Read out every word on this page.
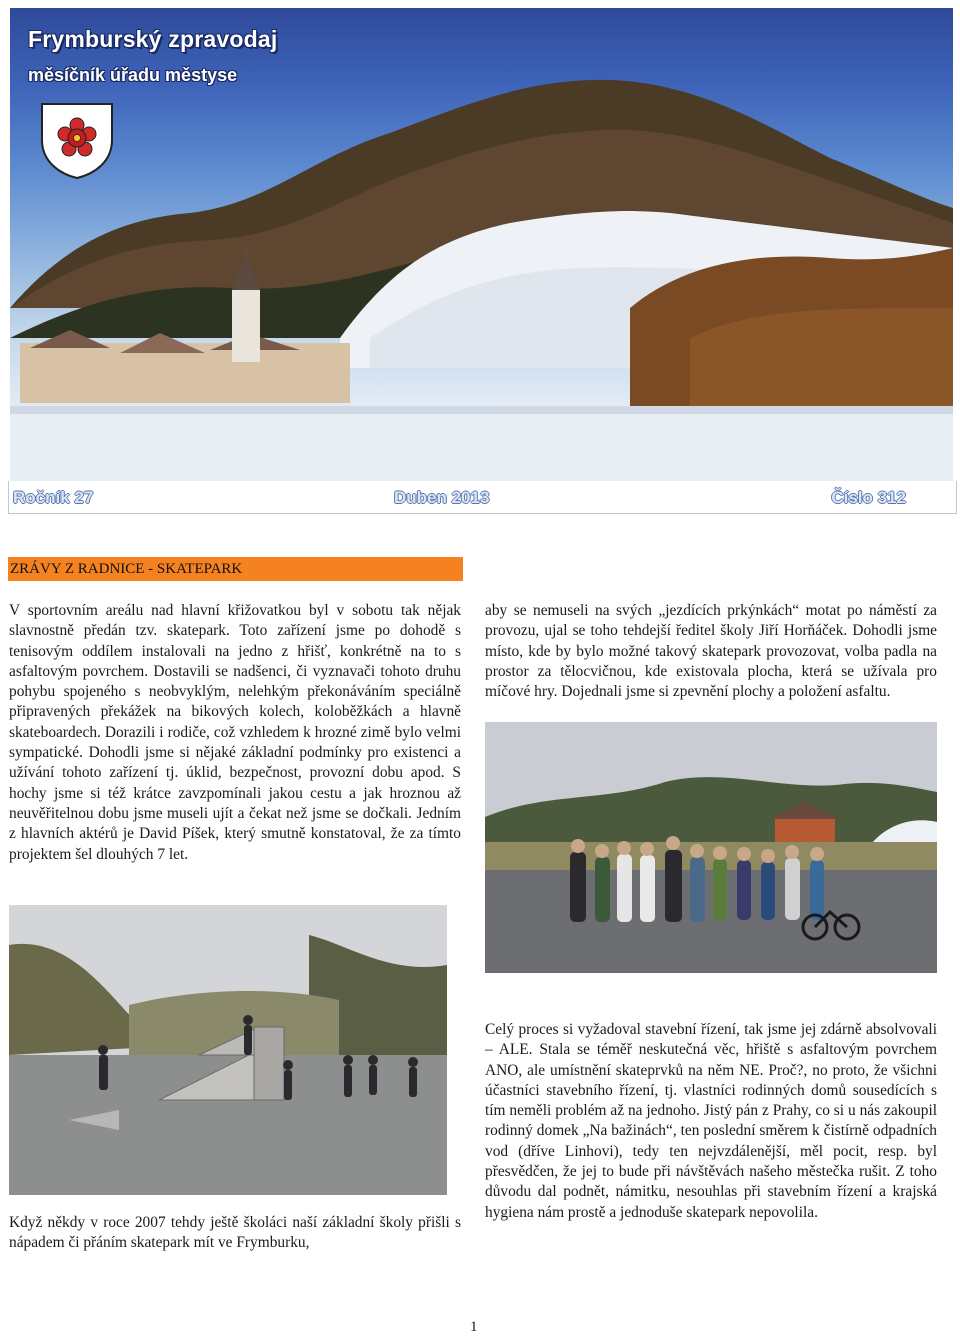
Frymburský zpravodaj
měsíčník úřadu městyse
Ročník 27	Duben 2013	Číslo 312
ZRÁVY Z RADNICE - SKATEPARK

V sportovním areálu nad hlavní křižovatkou byl v sobotu tak nějak slavnostně předán tzv. skatepark. Toto zařízení jsme po dohodě s tenisovým oddílem instalovali na jedno z hřišť, konkrétně na to s asfaltovým povrchem. Dostavili se nadšenci, či vyznavači tohoto druhu pohybu spojeného s neobvyklým, nelehkým překonáváním speciálně připravených překážek na bikových kolech, koloběžkách a hlavně skateboardech. Dorazili i rodiče, což vzhledem k hrozné zimě bylo velmi sympatické. Dohodli jsme si nějaké základní podmínky pro existenci a užívání tohoto zařízení tj. úklid, bezpečnost, provozní dobu apod. S hochy jsme si též krátce zavzpomínali jakou cestu a jak hroznou až neuvěřitelnou dobu jsme museli ujít a čekat než jsme se dočkali. Jedním z hlavních aktérů je David Píšek, který smutně konstatoval, že za tímto projektem šel dlouhých 7 let.

aby se nemuseli na svých „jezdících prkýnkách“ motat po náměstí za provozu, ujal se toho tehdejší ředitel školy Jiří Horňáček. Dohodli jsme místo, kde by bylo možné takový skatepark provozovat, volba padla na prostor za tělocvičnou, kde existovala plocha, která se užívala pro míčové hry. Dojednali jsme si zpevnění plochy a položení asfaltu.

Když někdy v roce 2007 tehdy ještě školáci naší základní školy přišli s nápadem či přáním skatepark mít ve Frymburku,

Celý proces si vyžadoval stavební řízení, tak jsme jej zdárně absolvovali – ALE. Stala se téměř neskutečná věc, hřiště s asfaltovým povrchem ANO, ale umístnění skateprvků na něm NE. Proč?, no proto, že všichni účastníci stavebního řízení, tj. vlastníci rodinných domů sousedících s tím neměli problém až na jednoho. Jistý pán z Prahy, co si u nás zakoupil rodinný domek „Na bažinách“, ten poslední směrem k čistírně odpadních vod (dříve Linhovi), tedy ten nejvzdálenější, měl pocit, resp. byl přesvědčen, že jej to bude při návštěvách našeho městečka rušit. Z toho důvodu dal podnět, námitku, nesouhlas při stavebním řízení a krajská hygiena nám prostě a jednoduše skatepark nepovolila.

1
